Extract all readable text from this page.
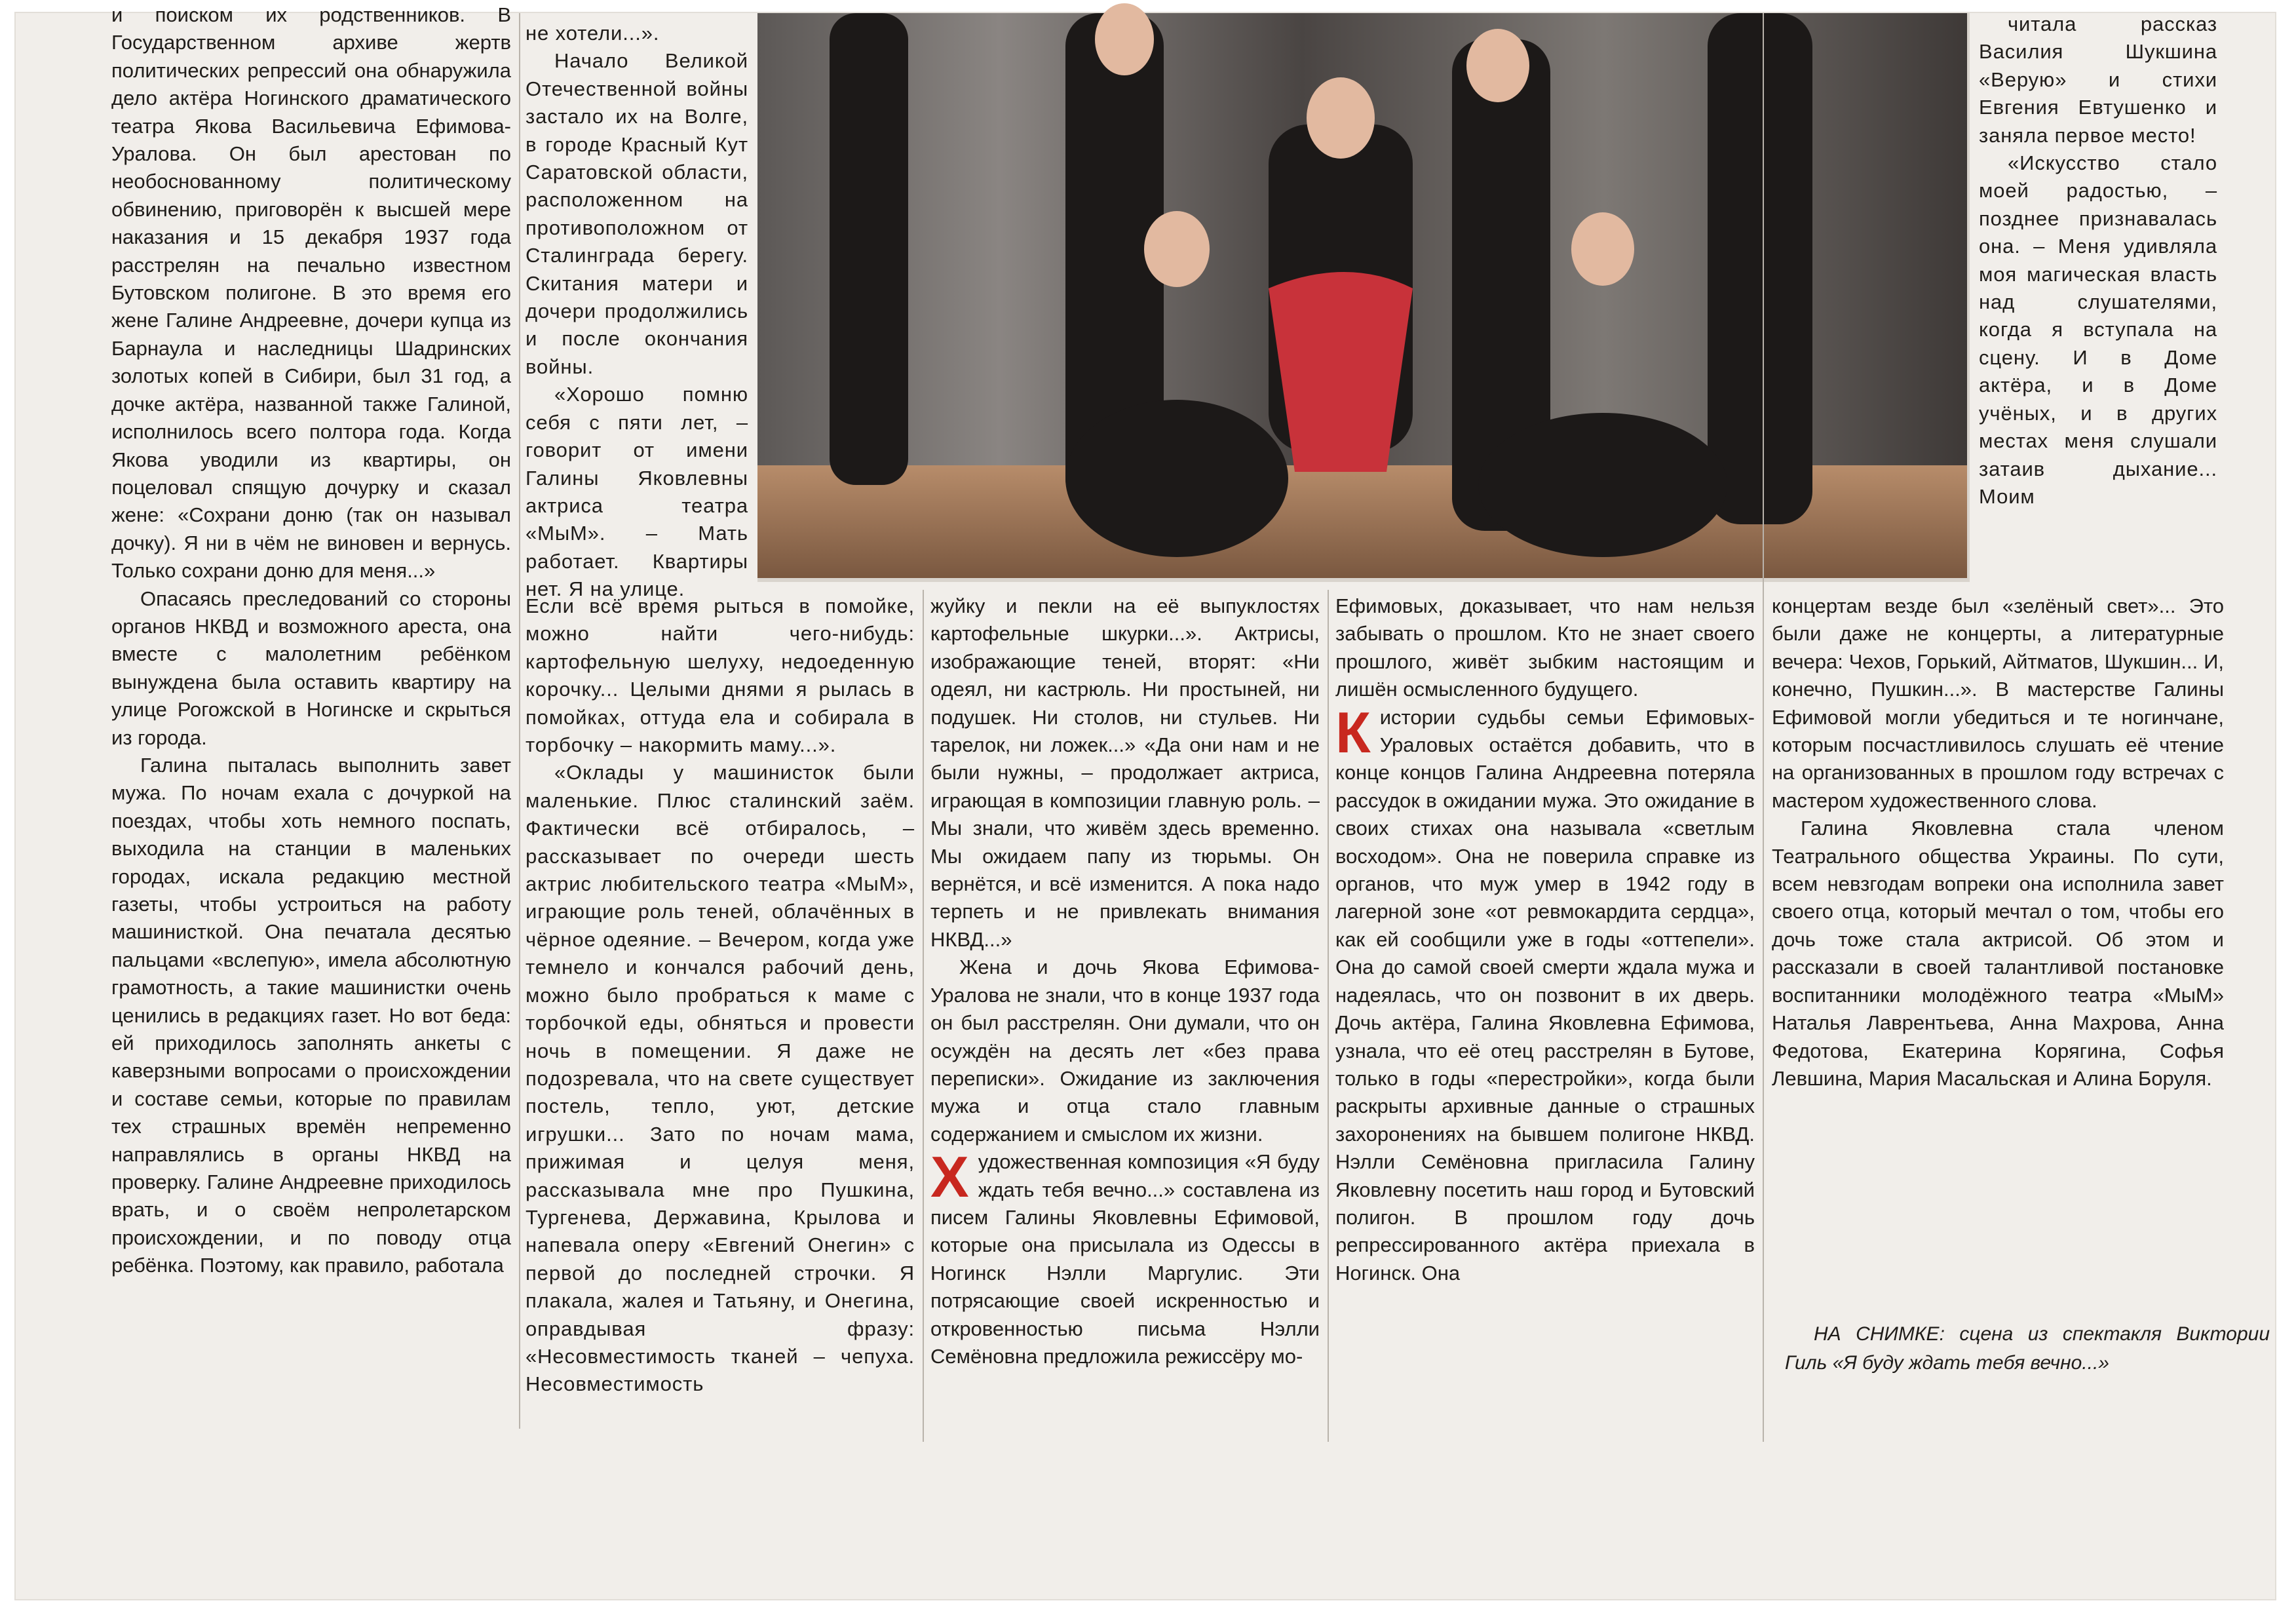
и поиском их родственников. В Государственном архиве жертв политических репрессий она обнаружила дело актёра Ногинского драматического театра Якова Васильевича Ефимова-Уралова. Он был арестован по необоснованному политическому обвинению, приговорён к высшей мере наказания и 15 декабря 1937 года расстрелян на печально известном Бутовском полигоне. В это время его жене Галине Андреевне, дочери купца из Барнаула и наследницы Шадринских золотых копей в Сибири, был 31 год, а дочке актёра, названной также Галиной, исполнилось всего полтора года. Когда Якова уводили из квартиры, он поцеловал спящую дочурку и сказал жене: «Сохрани доню (так он называл дочку). Я ни в чём не виновен и вернусь. Только сохрани доню для меня...»

Опасаясь преследований со стороны органов НКВД и возможного ареста, она вместе с малолетним ребёнком вынуждена была оставить квартиру на улице Рогожской в Ногинске и скрыться из города.

Галина пыталась выполнить завет мужа. По ночам ехала с дочуркой на поездах, чтобы хоть немного поспать, выходила на станции в маленьких городах, искала редакцию местной газеты, чтобы устроиться на работу машинисткой. Она печатала десятью пальцами «вслепую», имела абсолютную грамотность, а такие машинистки очень ценились в редакциях газет. Но вот беда: ей приходилось заполнять анкеты с каверзными вопросами о происхождении и составе семьи, которые по правилам тех страшных времён непременно направлялись в органы НКВД на проверку. Галине Андреевне приходилось врать, и о своём непролетарском происхождении, и по поводу отца ребёнка. Поэтому, как правило, работала

не хотели...».

Начало Великой Отечественной войны застало их на Волге, в городе Красный Кут Саратовской области, расположенном на противоположном от Сталинграда берегу. Скитания матери и дочери продолжились и после окончания войны.

«Хорошо помню себя с пяти лет, – говорит от имени Галины Яковлевны актриса театра «МыМ». – Мать работает. Квартиры нет. Я на улице.

Если всё время рыться в помойке, можно найти чего-нибудь: картофельную шелуху, недоеденную корочку... Целыми днями я рылась в помойках, оттуда ела и собирала в торбочку – накормить маму...».

«Оклады у машинисток были маленькие. Плюс сталинский заём. Фактически всё отбиралось, – рассказывает по очереди шесть актрис любительского театра «МыМ», играющие роль теней, облачённых в чёрное одеяние. – Вечером, когда уже темнело и кончался рабочий день, можно было пробраться к маме с торбочкой еды, обняться и провести ночь в помещении. Я даже не подозревала, что на свете существует постель, тепло, уют, детские игрушки... Зато по ночам мама, прижимая и целуя меня, рассказывала мне про Пушкина, Тургенева, Державина, Крылова и напевала оперу «Евгений Онегин» с первой до последней строчки. Я плакала, жалея и Татьяну, и Онегина, оправдывая фразу: «Несовместимость тканей – чепуха. Несовместимость

жуйку и пекли на её выпуклостях картофельные шкурки...». Актрисы, изображающие теней, вторят: «Ни одеял, ни кастрюль. Ни простыней, ни подушек. Ни столов, ни стульев. Ни тарелок, ни ложек...» «Да они нам и не были нужны, – продолжает актриса, играющая в композиции главную роль. – Мы знали, что живём здесь временно. Мы ожидаем папу из тюрьмы. Он вернётся, и всё изменится. А пока надо терпеть и не привлекать внимания НКВД...»

Жена и дочь Якова Ефимова-Уралова не знали, что в конце 1937 года он был расстрелян. Они думали, что он осуждён на десять лет «без права переписки». Ожидание из заключения мужа и отца стало главным содержанием и смыслом их жизни.

Художественная композиция «Я буду ждать тебя вечно...» составлена из писем Галины Яковлевны Ефимовой, которые она присылала из Одессы в Ногинск Нэлли Маргулис. Эти потрясающие своей искренностью и откровенностью письма Нэлли Семёновна предложила режиссёру мо-

Ефимовых, доказывает, что нам нельзя забывать о прошлом. Кто не знает своего прошлого, живёт зыбким настоящим и лишён осмысленного будущего.

Кистории судьбы семьи Ефимовых-Ураловых остаётся добавить, что в конце концов Галина Андреевна потеряла рассудок в ожидании мужа. Это ожидание в своих стихах она называла «светлым восходом». Она не поверила справке из органов, что муж умер в 1942 году в лагерной зоне «от ревмокардита сердца», как ей сообщили уже в годы «оттепели». Она до самой своей смерти ждала мужа и надеялась, что он позвонит в их дверь. Дочь актёра, Галина Яковлевна Ефимова, узнала, что её отец расстрелян в Бутове, только в годы «перестройки», когда были раскрыты архивные данные о страшных захоронениях на бывшем полигоне НКВД. Нэлли Семёновна пригласила Галину Яковлевну посетить наш город и Бутовский полигон. В прошлом году дочь репрессированного актёра приехала в Ногинск. Она

читала рассказ Василия Шукшина «Верую» и стихи Евгения Евтушенко и заняла первое место!

«Искусство стало моей радостью, – позднее признавалась она. – Меня удивляла моя магическая власть над слушателями, когда я вступала на сцену. И в Доме актёра, и в Доме учёных, и в других местах меня слушали затаив дыхание... Моим

концертам везде был «зелёный свет»... Это были даже не концерты, а литературные вечера: Чехов, Горький, Айтматов, Шукшин... И, конечно, Пушкин...». В мастерстве Галины Ефимовой могли убедиться и те ногинчане, которым посчастливилось слушать её чтение на организованных в прошлом году встречах с мастером художественного слова.

Галина Яковлевна стала членом Театрального общества Украины. По сути, всем невзгодам вопреки она исполнила завет своего отца, который мечтал о том, чтобы его дочь тоже стала актрисой. Об этом и рассказали в своей талантливой постановке воспитанники молодёжного театра «МыМ» Наталья Лаврентьева, Анна Махрова, Анна Федотова, Екатерина Корягина, Софья Левшина, Мария Масальская и Алина Боруля.

НА СНИМКЕ: сцена из спектакля Виктории Гиль «Я буду ждать тебя вечно...»
